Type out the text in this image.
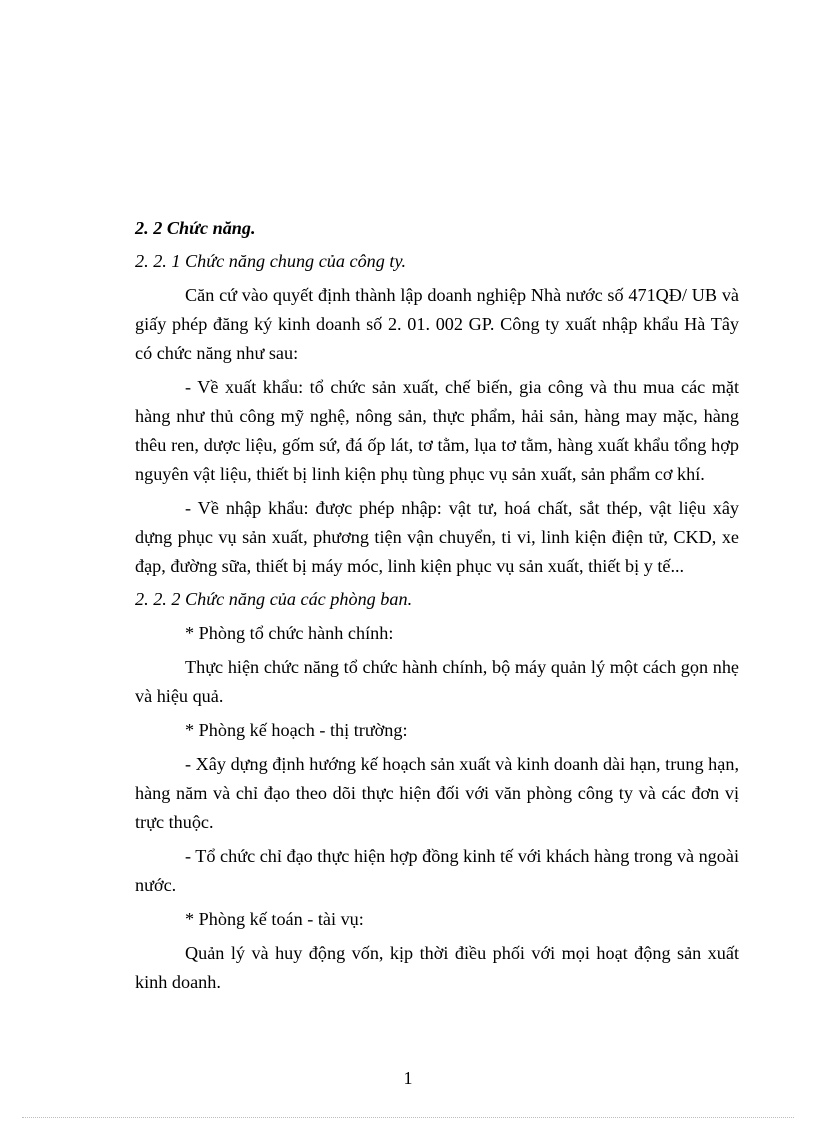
2. 2 Chức năng.

2. 2. 1 Chức năng chung của công ty.

Căn cứ vào quyết định thành lập doanh nghiệp Nhà nước số 471QĐ/ UB và giấy phép đăng ký kinh doanh số 2. 01. 002 GP. Công ty xuất nhập khẩu Hà Tây có chức năng như sau:

- Về xuất khẩu: tổ chức sản xuất, chế biến, gia công và thu mua các mặt hàng như thủ công mỹ nghệ, nông sản, thực phẩm, hải sản, hàng may mặc, hàng thêu ren, dược liệu, gốm sứ, đá ốp lát, tơ tằm, lụa tơ tằm, hàng xuất khẩu tổng hợp nguyên vật liệu, thiết bị linh kiện phụ tùng phục vụ sản xuất, sản phẩm cơ khí.

- Về nhập khẩu: được phép nhập: vật tư, hoá chất, sắt thép, vật liệu xây dựng phục vụ sản xuất, phương tiện vận chuyển, ti vi, linh kiện điện tử, CKD, xe đạp, đường sữa, thiết bị máy móc, linh kiện phục vụ sản xuất, thiết bị y tế...

2. 2. 2 Chức năng của các phòng ban.

* Phòng tổ chức hành chính:

Thực hiện chức năng tổ chức hành chính, bộ máy quản lý một cách gọn nhẹ và hiệu quả.

* Phòng kế hoạch - thị trường:

- Xây dựng định hướng kế hoạch sản xuất và kinh doanh dài hạn, trung hạn, hàng năm và chỉ đạo theo dõi thực hiện đối với văn phòng công ty và các đơn vị trực thuộc.

- Tổ chức chỉ đạo thực hiện hợp đồng kinh tế với khách hàng trong và ngoài nước.

* Phòng kế toán - tài vụ:

Quản lý và huy động vốn, kịp thời điều phối với mọi hoạt động sản xuất kinh doanh.

1
